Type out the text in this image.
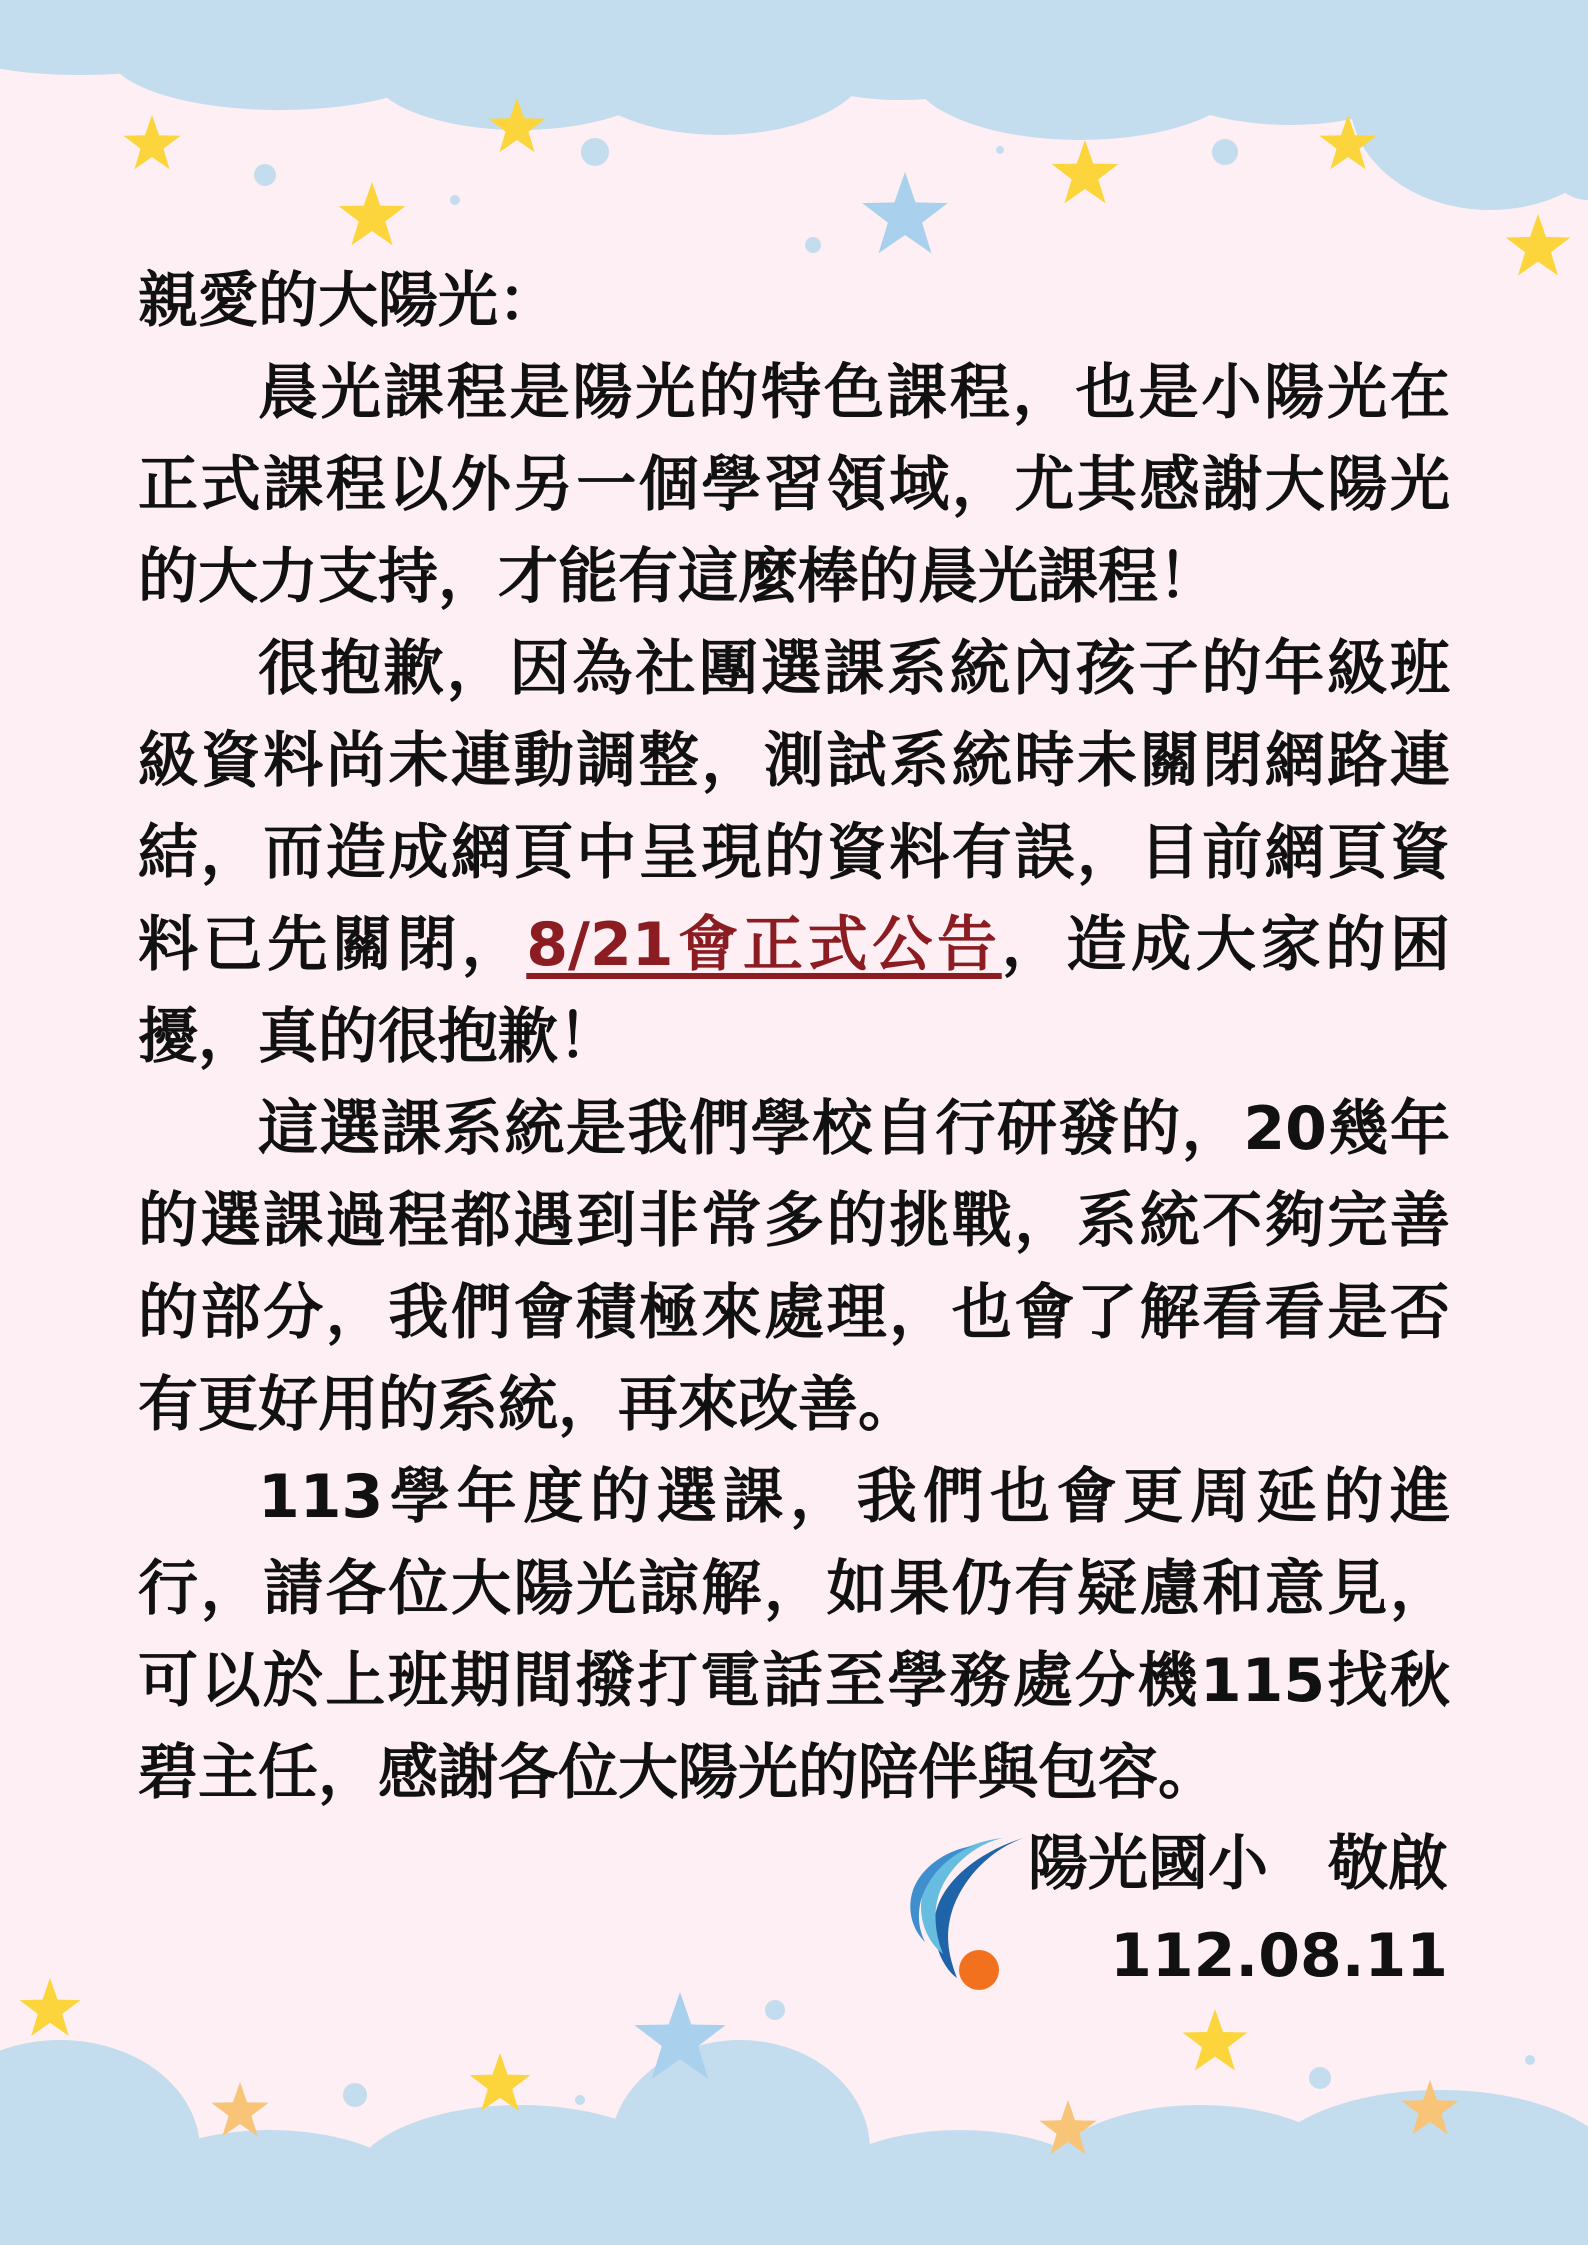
親愛的大陽光：

晨光課程是陽光的特色課程，也是小陽光在正式課程以外另一個學習領域，尤其感謝大陽光的大力支持，才能有這麼棒的晨光課程！

很抱歉，因為社團選課系統內孩子的年級班級資料尚未連動調整，測試系統時未關閉網路連結，而造成網頁中呈現的資料有誤，目前網頁資料已先關閉，8/21會正式公告，造成大家的困擾，真的很抱歉！

這選課系統是我們學校自行研發的，20幾年的選課過程都遇到非常多的挑戰，系統不夠完善的部分，我們會積極來處理，也會了解看看是否有更好用的系統，再來改善。

113學年度的選課，我們也會更周延的進行，請各位大陽光諒解，如果仍有疑慮和意見，可以於上班期間撥打電話至學務處分機115找秋碧主任，感謝各位大陽光的陪伴與包容。

陽光國小　敬啟
112.08.11
